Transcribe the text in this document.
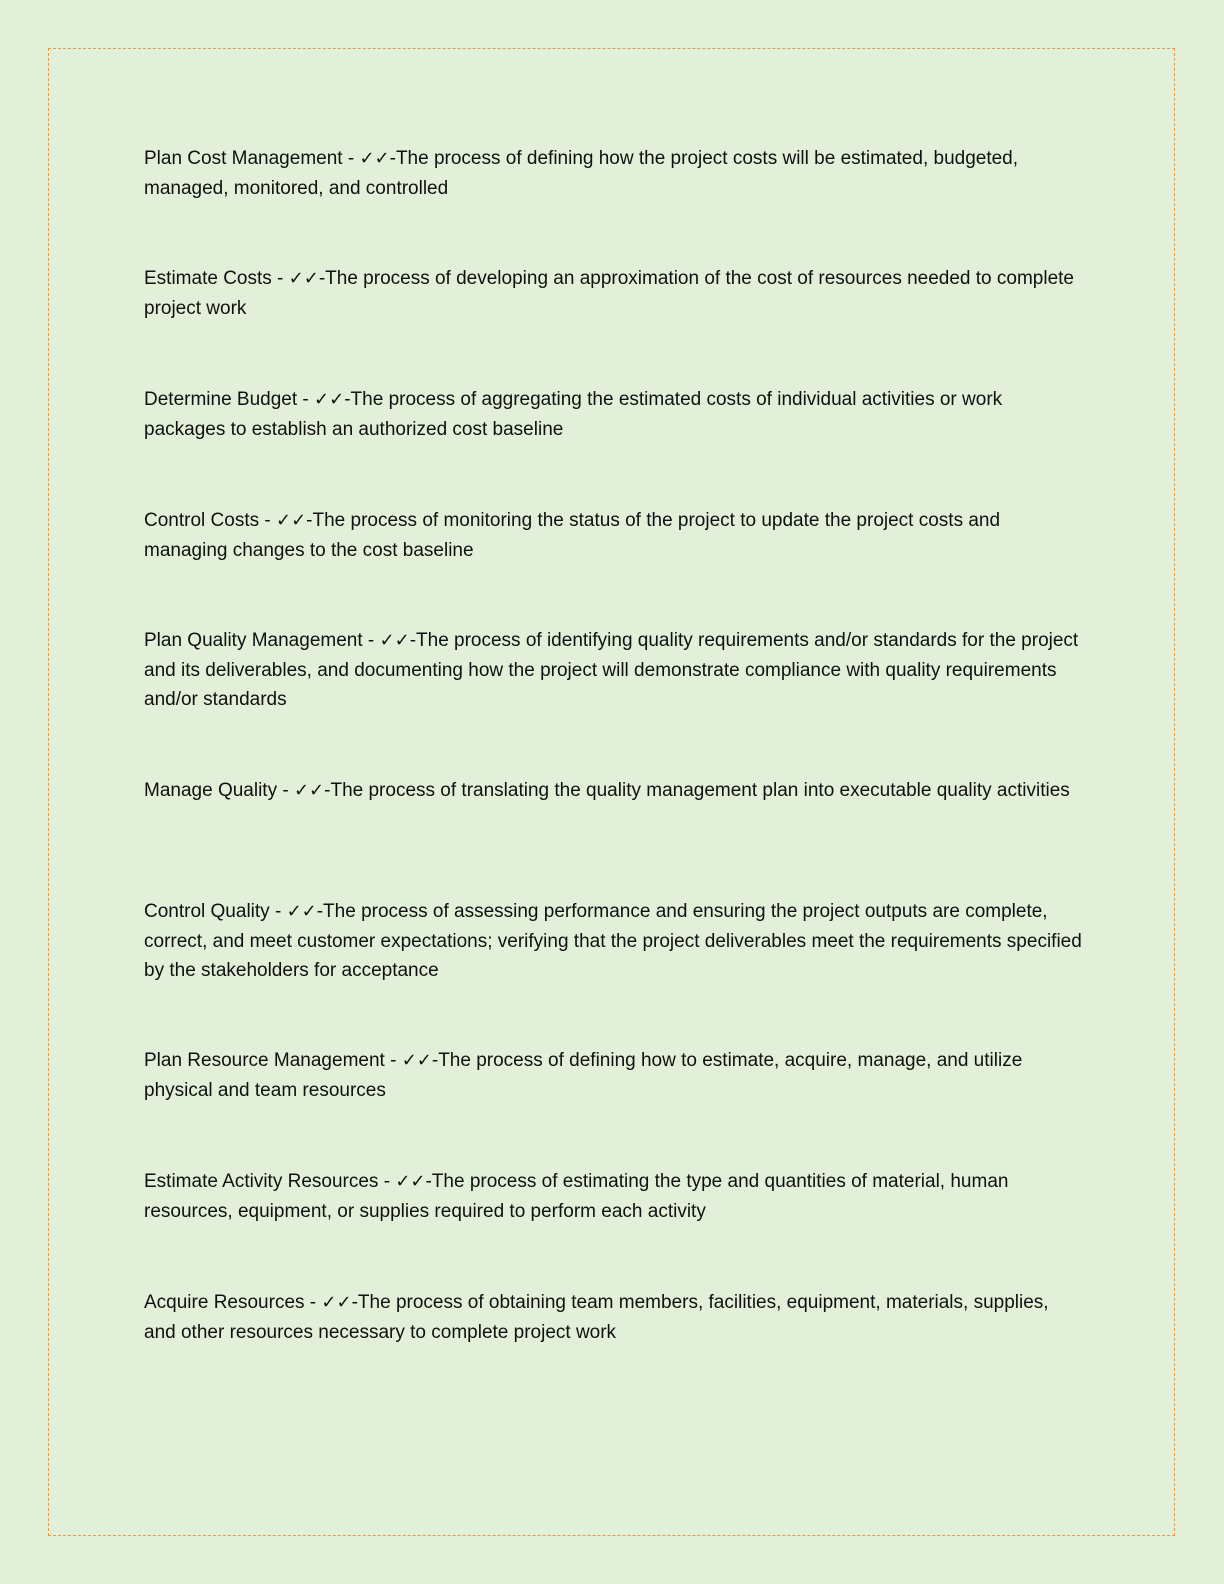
Plan Cost Management - ✓✓-The process of defining how the project costs will be estimated, budgeted, managed, monitored, and controlled

Estimate Costs - ✓✓-The process of developing an approximation of the cost of resources needed to complete project work

Determine Budget - ✓✓-The process of aggregating the estimated costs of individual activities or work packages to establish an authorized cost baseline

Control Costs - ✓✓-The process of monitoring the status of the project to update the project costs and managing changes to the cost baseline

Plan Quality Management - ✓✓-The process of identifying quality requirements and/or standards for the project and its deliverables, and documenting how the project will demonstrate compliance with quality requirements and/or standards

Manage Quality - ✓✓-The process of translating the quality management plan into executable quality activities

Control Quality - ✓✓-The process of assessing performance and ensuring the project outputs are complete, correct, and meet customer expectations; verifying that the project deliverables meet the requirements specified by the stakeholders for acceptance

Plan Resource Management - ✓✓-The process of defining how to estimate, acquire, manage, and utilize physical and team resources

Estimate Activity Resources - ✓✓-The process of estimating the type and quantities of material, human resources, equipment, or supplies required to perform each activity

Acquire Resources - ✓✓-The process of obtaining team members, facilities, equipment, materials, supplies, and other resources necessary to complete project work
